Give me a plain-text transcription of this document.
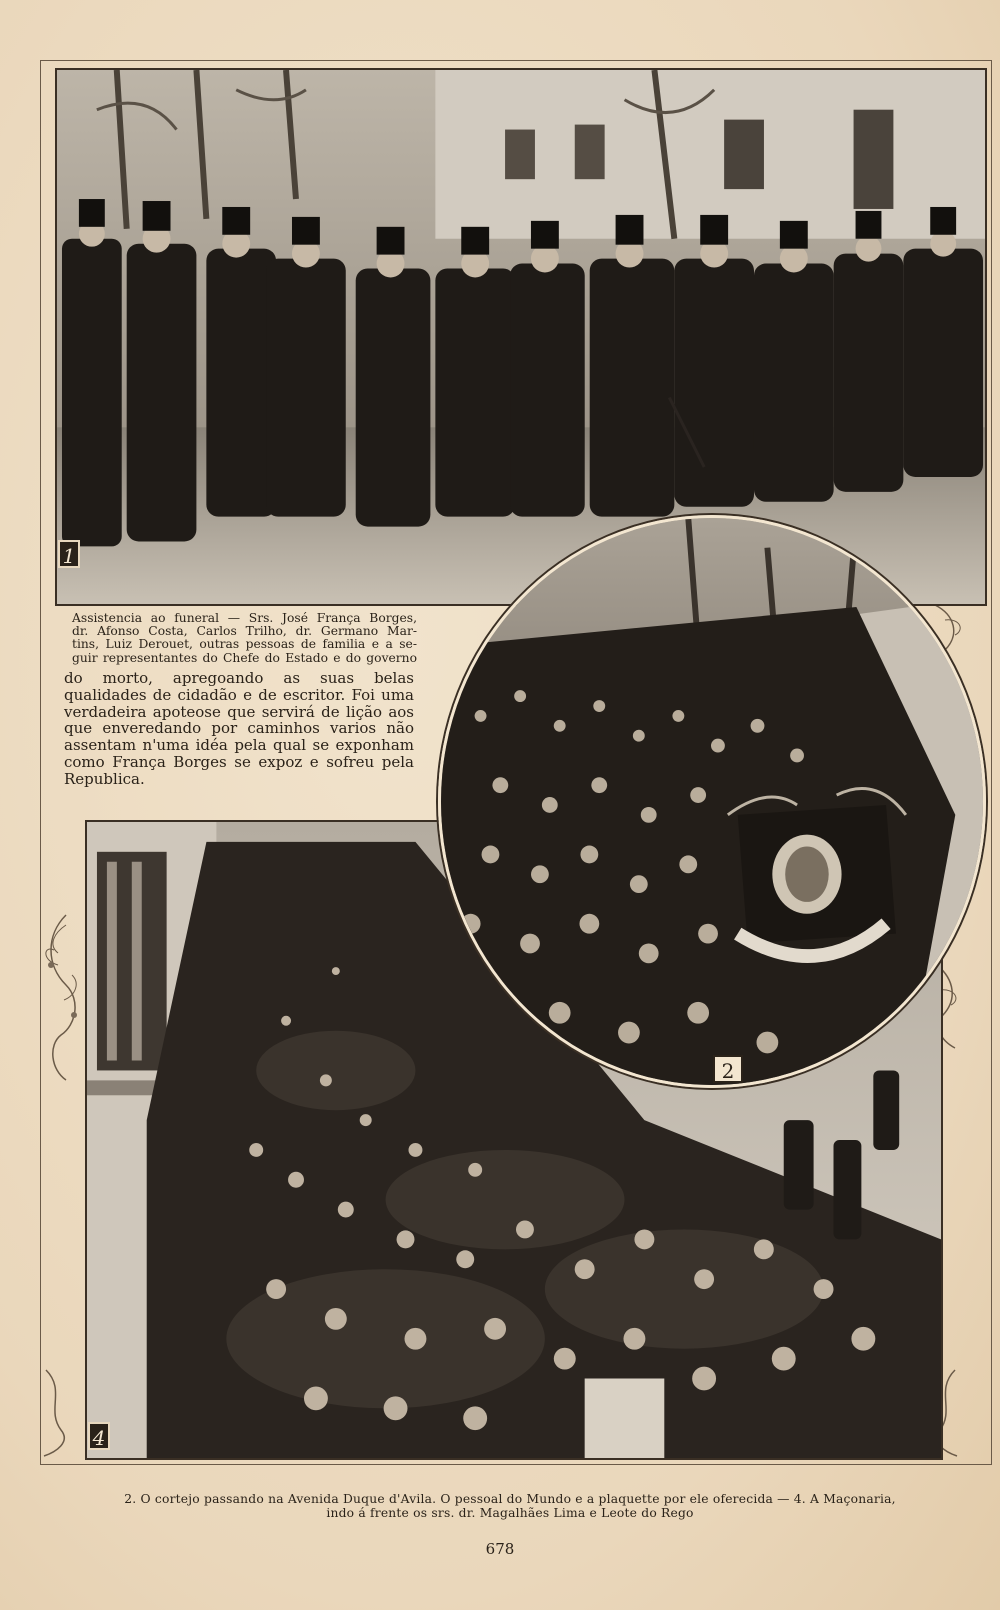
1
4
2
Assistencia ao funeral — Srs. José França Borges,
dr. Afonso Costa, Carlos Trilho, dr. Germano Mar-
tins, Luiz Derouet, outras pessoas de familia e a se-
guir representantes do Chefe do Estado e do governo
do morto, apregoando as suas belas qualidades de cidadão e de escritor. Foi uma verdadeira apoteose que servirá de lição aos que enveredando por caminhos varios não assentam n'uma idéa pela qual se exponham como França Borges se expoz e sofreu pela Republica.
2. O cortejo passando na Avenida Duque d'Avila. O pessoal do Mundo e a plaquette por ele oferecida — 4. A Maçonaria,
indo á frente os srs. dr. Magalhães Lima e Leote do Rego
678
